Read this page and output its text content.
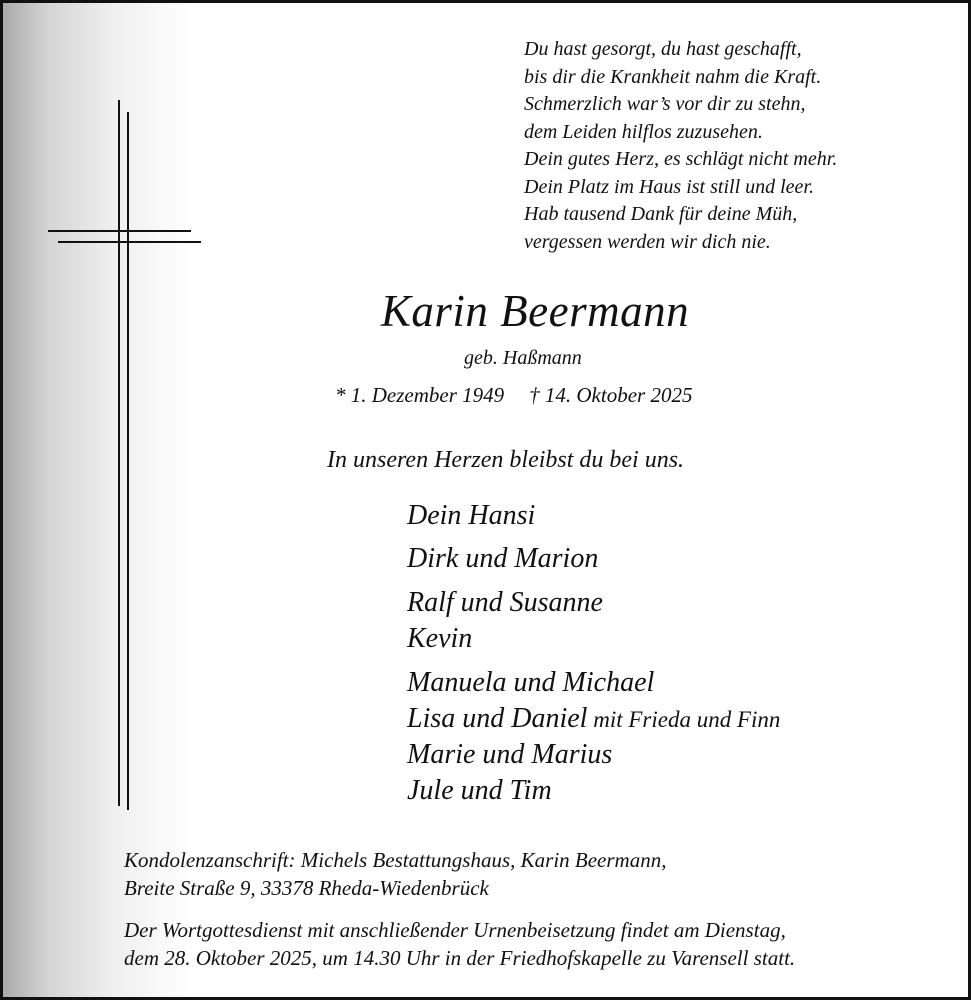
Du hast gesorgt, du hast geschafft,
bis dir die Krankheit nahm die Kraft.
Schmerzlich war’s vor dir zu stehn,
dem Leiden hilflos zuzusehen.
Dein gutes Herz, es schlägt nicht mehr.
Dein Platz im Haus ist still und leer.
Hab tausend Dank für deine Müh,
vergessen werden wir dich nie.
Karin Beermann
geb. Haßmann
* 1. Dezember 1949 † 14. Oktober 2025
In unseren Herzen bleibst du bei uns.
Dein Hansi
Dirk und Marion
Ralf und Susanne
Kevin
Manuela und Michael
Lisa und Daniel mit Frieda und Finn
Marie und Marius
Jule und Tim
Kondolenzanschrift: Michels Bestattungshaus, Karin Beermann,
Breite Straße 9, 33378 Rheda-Wiedenbrück
Der Wortgottesdienst mit anschließender Urnenbeisetzung findet am Dienstag,
dem 28. Oktober 2025, um 14.30 Uhr in der Friedhofskapelle zu Varensell statt.
